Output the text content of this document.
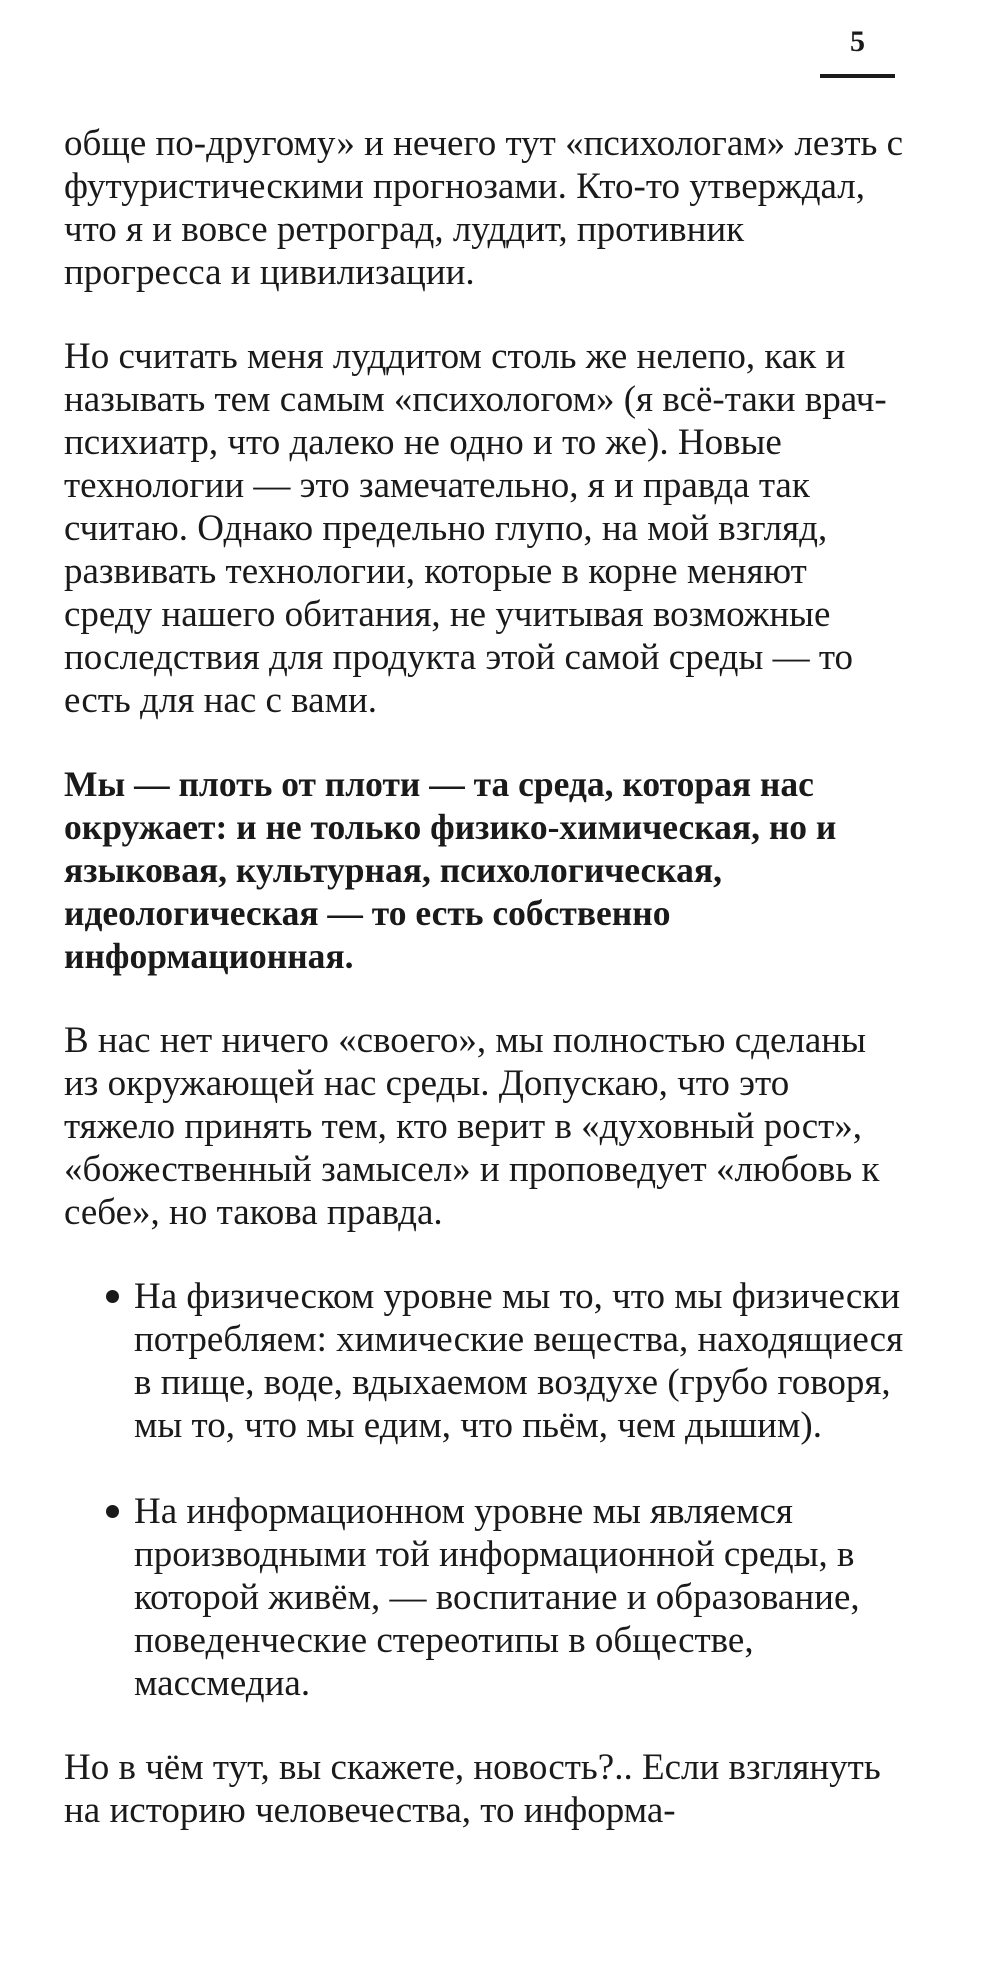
5

обще по-другому» и нечего тут «психологам» лезть с футуристическими прогнозами. Кто-то утверждал, что я и вовсе ретроград, луддит, противник прогресса и цивилизации.

Но считать меня луддитом столь же нелепо, как и называть тем самым «психологом» (я всё-таки врач-психиатр, что далеко не одно и то же). Новые технологии — это замечательно, я и правда так считаю. Однако предельно глупо, на мой взгляд, развивать технологии, которые в корне меняют среду нашего обитания, не учитывая возможные последствия для продукта этой самой среды — то есть для нас с вами.

Мы — плоть от плоти — та среда, которая нас окружает: и не только физико-химическая, но и языковая, культурная, психологическая, идеологическая — то есть собственно информационная.

В нас нет ничего «своего», мы полностью сделаны из окружающей нас среды. Допускаю, что это тяжело принять тем, кто верит в «духовный рост», «божественный замысел» и проповедует «любовь к себе», но такова правда.

На физическом уровне мы то, что мы физически потребляем: химические вещества, находящиеся в пище, воде, вдыхаемом воздухе (грубо говоря, мы то, что мы едим, что пьём, чем дышим).
На информационном уровне мы являемся производными той информационной среды, в которой живём, — воспитание и образование, поведенческие стереотипы в обществе, массмедиа.

Но в чём тут, вы скажете, новость?.. Если взглянуть на историю человечества, то информа-
